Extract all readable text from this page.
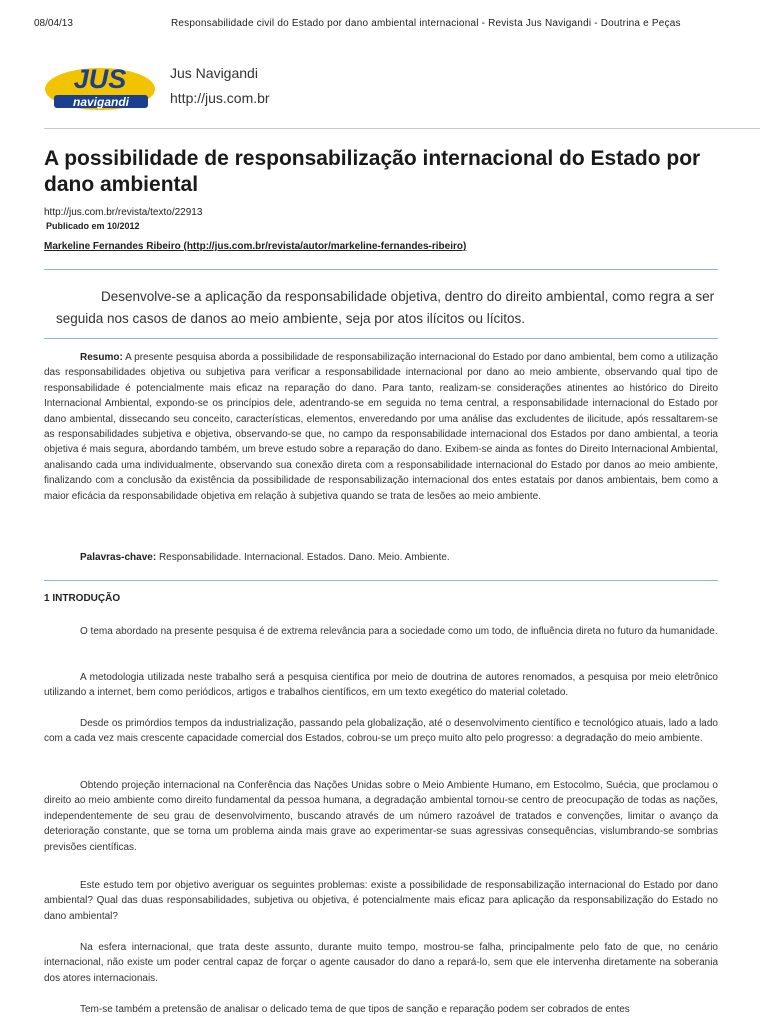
08/04/13	Responsabilidade civil do Estado por dano ambiental internacional - Revista Jus Navigandi - Doutrina e Peças
JUS
navigandi
Jus Navigandi
http://jus.com.br
A possibilidade de responsabilização internacional do Estado por dano ambiental
http://jus.com.br/revista/texto/22913
Publicado em 10/2012
Markeline Fernandes Ribeiro (http://jus.com.br/revista/autor/markeline-fernandes-ribeiro)

Desenvolve-se a aplicação da responsabilidade objetiva, dentro do direito ambiental, como regra a ser seguida nos casos de danos ao meio ambiente, seja por atos ilícitos ou lícitos.

Resumo: A presente pesquisa aborda a possibilidade de responsabilização internacional do Estado por dano ambiental, bem como a utilização das responsabilidades objetiva ou subjetiva para verificar a responsabilidade internacional por dano ao meio ambiente, observando qual tipo de responsabilidade é potencialmente mais eficaz na reparação do dano. Para tanto, realizam-se considerações atinentes ao histórico do Direito Internacional Ambiental, expondo-se os princípios dele, adentrando-se em seguida no tema central, a responsabilidade internacional do Estado por dano ambiental, dissecando seu conceito, características, elementos, enveredando por uma análise das excludentes de ilicitude, após ressaltarem-se as responsabilidades subjetiva e objetiva, observando-se que, no campo da responsabilidade internacional dos Estados por dano ambiental, a teoria objetiva é mais segura, abordando também, um breve estudo sobre a reparação do dano. Exibem-se ainda as fontes do Direito Internacional Ambiental, analisando cada uma individualmente, observando sua conexão direta com a responsabilidade internacional do Estado por danos ao meio ambiente, finalizando com a conclusão da existência da possibilidade de responsabilização internacional dos entes estatais por danos ambientais, bem como a maior eficácia da responsabilidade objetiva em relação à subjetiva quando se trata de lesões ao meio ambiente.

Palavras-chave: Responsabilidade. Internacional. Estados. Dano. Meio. Ambiente.

1 INTRODUÇÃO

O tema abordado na presente pesquisa é de extrema relevância para a sociedade como um todo, de influência direta no futuro da humanidade.

A metodologia utilizada neste trabalho será a pesquisa cientifica por meio de doutrina de autores renomados, a pesquisa por meio eletrônico utilizando a internet, bem como periódicos, artigos e trabalhos científicos, em um texto exegético do material coletado.

Desde os primórdios tempos da industrialização, passando pela globalização, até o desenvolvimento científico e tecnológico atuais, lado a lado com a cada vez mais crescente capacidade comercial dos Estados, cobrou-se um preço muito alto pelo progresso: a degradação do meio ambiente.

Obtendo projeção internacional na Conferência das Nações Unidas sobre o Meio Ambiente Humano, em Estocolmo, Suécia, que proclamou o direito ao meio ambiente como direito fundamental da pessoa humana, a degradação ambiental tornou-se centro de preocupação de todas as nações, independentemente de seu grau de desenvolvimento, buscando através de um número razoável de tratados e convenções, limitar o avanço da deterioração constante, que se torna um problema ainda mais grave ao experimentar-se suas agressivas consequências, vislumbrando-se sombrias previsões científicas.

Este estudo tem por objetivo averiguar os seguintes problemas: existe a possibilidade de responsabilização internacional do Estado por dano ambiental? Qual das duas responsabilidades, subjetiva ou objetiva, é potencialmente mais eficaz para aplicação da responsabilização do Estado no dano ambiental?

Na esfera internacional, que trata deste assunto, durante muito tempo, mostrou-se falha, principalmente pelo fato de que, no cenário internacional, não existe um poder central capaz de forçar o agente causador do dano a repará-lo, sem que ele intervenha diretamente na soberania dos atores internacionais.

Tem-se também a pretensão de analisar o delicado tema de que tipos de sanção e reparação podem ser cobrados de entes
